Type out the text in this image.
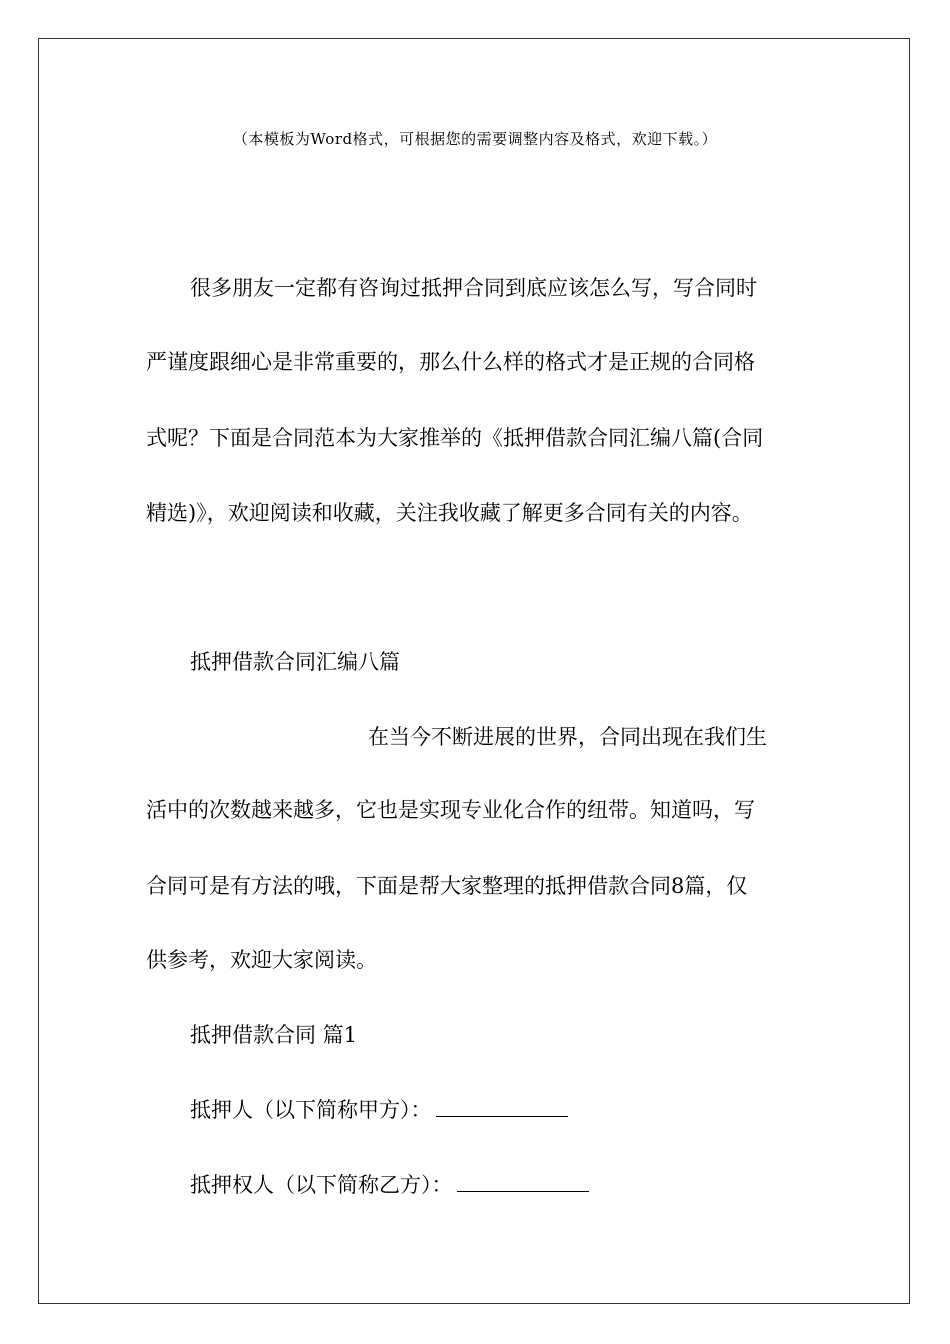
（本模板为Word格式，可根据您的需要调整内容及格式，欢迎下载。）
很多朋友一定都有咨询过抵押合同到底应该怎么写，写合同时
严谨度跟细心是非常重要的，那么什么样的格式才是正规的合同格
式呢？下面是合同范本为大家推举的《抵押借款合同汇编八篇(合同
精选)》，欢迎阅读和收藏，关注我收藏了解更多合同有关的内容。
抵押借款合同汇编八篇
在当今不断进展的世界，合同出现在我们生
活中的次数越来越多，它也是实现专业化合作的纽带。知道吗，写
合同可是有方法的哦，下面是帮大家整理的抵押借款合同8篇，仅
供参考，欢迎大家阅读。
抵押借款合同 篇1
抵押人（以下简称甲方）：
抵押权人（以下简称乙方）：
